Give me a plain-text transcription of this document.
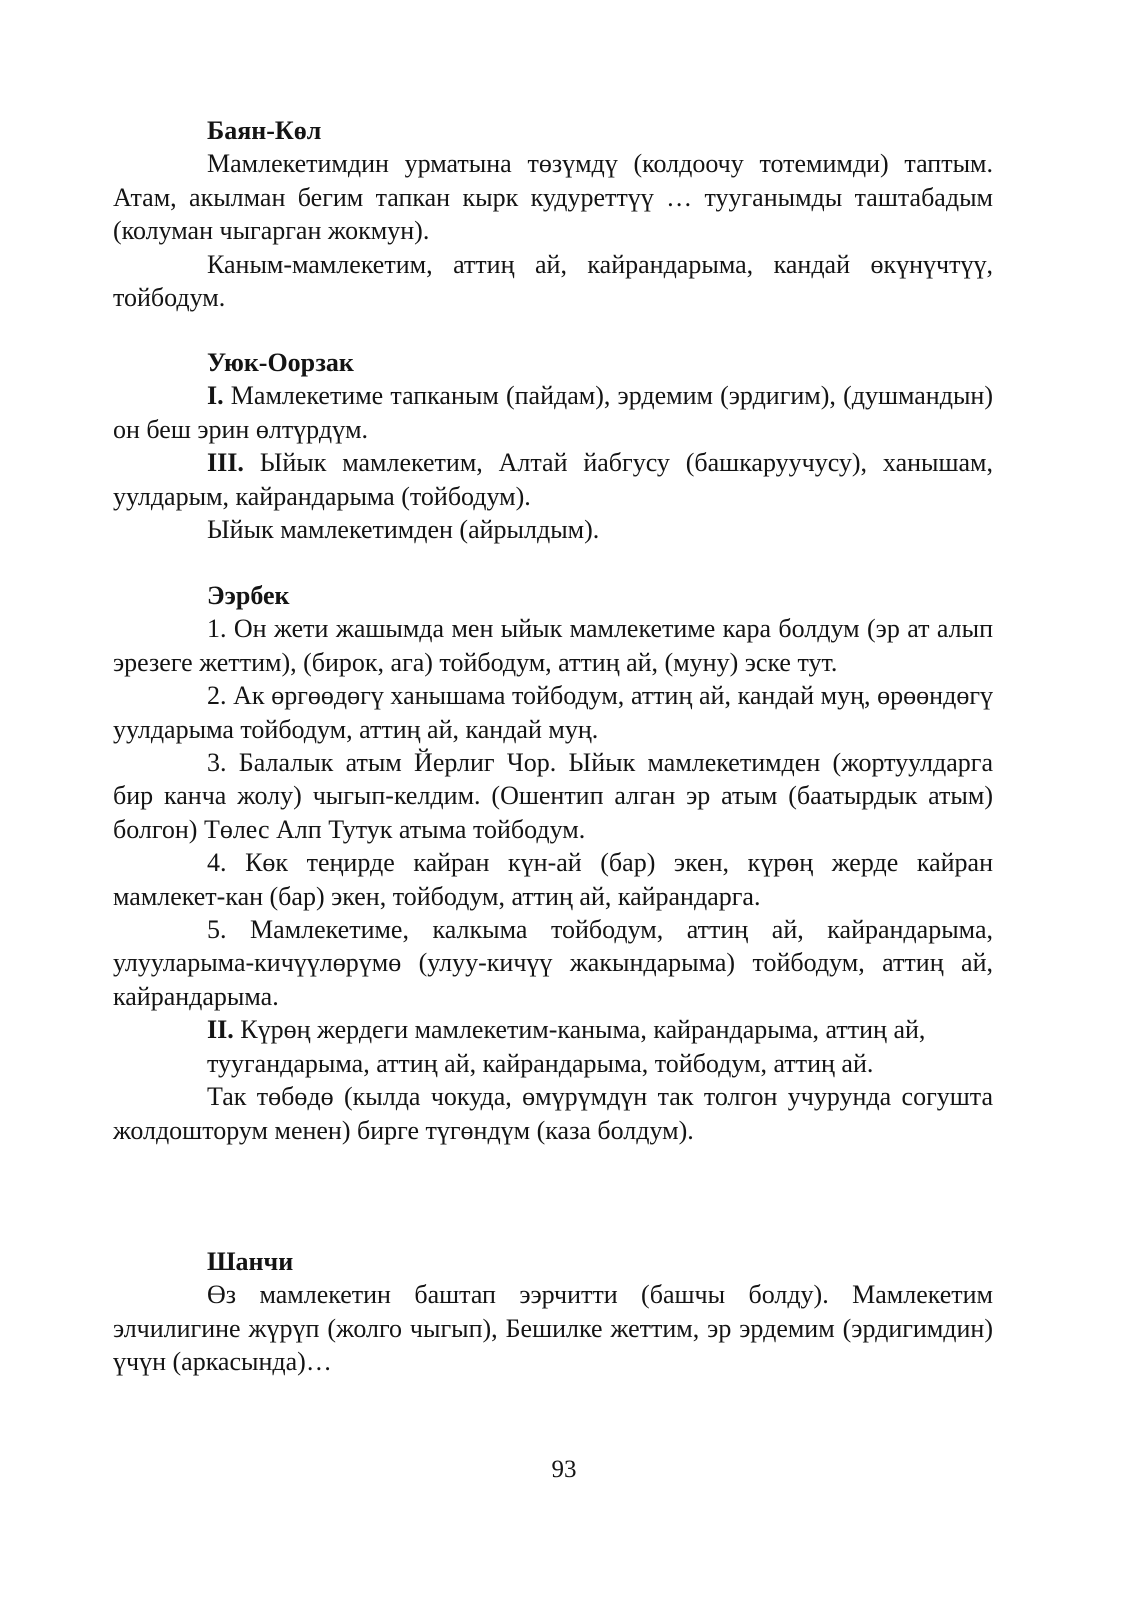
Баян-Көл

Мамлекетимдин урматына төзүмдү (колдоочу тотемимди) таптым. Атам, акылман бегим тапкан кырк кудуреттүү … тууганымды таштабадым (колуман чыгарган жокмун).

Каным-мамлекетим, аттиң ай, кайрандарыма, кандай өкүнүчтүү, тойбодум.

Уюк-Оорзак

I. Мамлекетиме тапканым (пайдам), эрдемим (эрдигим), (душмандын) он беш эрин өлтүрдүм.

III. Ыйык мамлекетим, Алтай йабгусу (башкаруучусу), ханышам, уулдарым, кайрандарыма (тойбодум).

Ыйык мамлекетимден (айрылдым).

Ээрбек

1. Он жети жашымда мен ыйык мамлекетиме кара болдум (эр ат алып эрезеге жеттим), (бирок, ага) тойбодум, аттиң ай, (муну) эске тут.

2. Ак өргөөдөгү ханышама тойбодум, аттиң ай, кандай муң, өрөөндөгү уулдарыма тойбодум, аттиң ай, кандай муң.

3. Балалык атым Йерлиг Чор. Ыйык мамлекетимден (жортуулдарга бир канча жолу) чыгып-келдим. (Ошентип алган эр атым (баатырдык атым) болгон) Төлес Алп Тутук атыма тойбодум.

4. Көк теңирде кайран күн-ай (бар) экен, күрөң жерде кайран мамлекет-кан (бар) экен, тойбодум, аттиң ай, кайрандарга.

5. Мамлекетиме, калкыма тойбодум, аттиң ай, кайрандарыма, улууларыма-кичүүлөрүмө (улуу-кичүү жакындарыма) тойбодум, аттиң ай, кайрандарыма.

II. Күрөң жердеги мамлекетим-каныма, кайрандарыма, аттиң ай,

туугандарыма, аттиң ай, кайрандарыма, тойбодум, аттиң ай.

Так төбөдө (кылда чокуда, өмүрүмдүн так толгон учурунда согушта жолдошторум менен) бирге түгөндүм (каза болдум).

Шанчи

Өз мамлекетин баштап ээрчитти (башчы болду). Мамлекетим элчилигине жүрүп (жолго чыгып), Бешилке жеттим, эр эрдемим (эрдигимдин) үчүн (аркасында)…

93
